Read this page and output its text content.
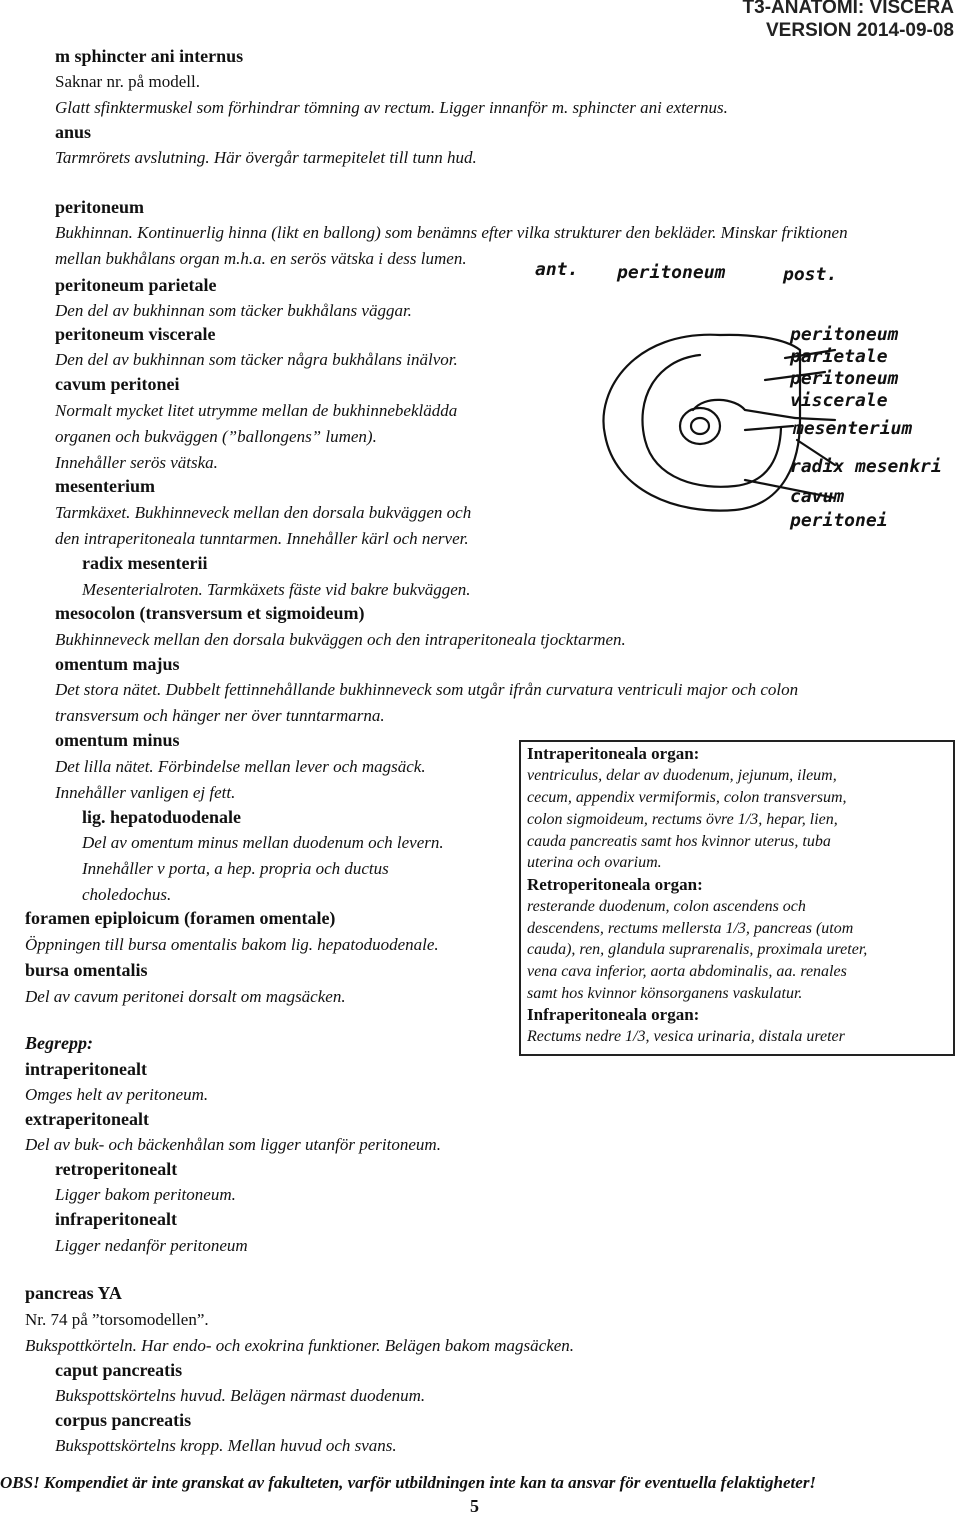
T3-ANATOMI: VISCERA
VERSION 2014-09-08
m sphincter ani internus
Saknar nr. på modell.
Glatt sfinktermuskel som förhindrar tömning av rectum. Ligger innanför m. sphincter ani externus.
anus
Tarmrörets avslutning. Här övergår tarmepitelet till tunn hud.
peritoneum
Bukhinnan. Kontinuerlig hinna (likt en ballong) som benämns efter vilka strukturer den bekläder. Minskar friktionen
mellan bukhålans organ m.h.a. en serös vätska i dess lumen.
peritoneum parietale
Den del av bukhinnan som täcker bukhålans väggar.
peritoneum viscerale
Den del av bukhinnan som täcker några bukhålans inälvor.
cavum peritonei
Normalt mycket litet utrymme mellan de bukhinnebeklädda
organen och bukväggen (”ballongens” lumen).
Innehåller serös vätska.
mesenterium
Tarmkäxet. Bukhinneveck mellan den dorsala bukväggen och
den intraperitoneala tunntarmen. Innehåller kärl och nerver.
radix mesenterii
Mesenterialroten. Tarmkäxets fäste vid bakre bukväggen.
mesocolon (transversum et sigmoideum)
Bukhinneveck mellan den dorsala bukväggen och den intraperitoneala tjocktarmen.
omentum majus
Det stora nätet. Dubbelt fettinnehållande bukhinneveck som utgår ifrån curvatura ventriculi major och colon
transversum och hänger ner över tunntarmarna.
omentum minus
Det lilla nätet. Förbindelse mellan lever och magsäck.
Innehåller vanligen ej fett.
lig. hepatoduodenale
Del av omentum minus mellan duodenum och levern.
Innehåller v porta, a hep. propria och ductus
choledochus.
foramen epiploicum (foramen omentale)
Öppningen till bursa omentalis bakom lig. hepatoduodenale.
bursa omentalis
Del av cavum peritonei dorsalt om magsäcken.
Begrepp:
intraperitonealt
Omges helt av peritoneum.
extraperitonealt
Del av buk- och bäckenhålan som ligger utanför peritoneum.
retroperitonealt
Ligger bakom peritoneum.
infraperitonealt
Ligger nedanför peritoneum
pancreas YA
Nr. 74 på ”torsomodellen”.
Bukspottkörteln. Har endo- och exokrina funktioner. Belägen bakom magsäcken.
caput pancreatis
Bukspottskörtelns huvud. Belägen närmast duodenum.
corpus pancreatis
Bukspottskörtelns kropp. Mellan huvud och svans.
Intraperitoneala organ:
ventriculus, delar av duodenum, jejunum, ileum,
cecum, appendix vermiformis, colon transversum,
colon sigmoideum, rectums övre 1/3, hepar, lien,
cauda pancreatis samt hos kvinnor uterus, tuba
uterina och ovarium.
Retroperitoneala organ:
resterande duodenum, colon ascendens och
descendens, rectums mellersta 1/3, pancreas (utom
cauda), ren, glandula suprarenalis, proximala ureter,
vena cava inferior, aorta abdominalis, aa. renales
samt hos kvinnor könsorganens vaskulatur.
Infraperitoneala organ:
Rectums nedre 1/3, vesica urinaria, distala ureter
ant. peritoneum	post.
peritoneum
parietale
peritoneum
viscerale
mesenterium
radix mesenkri
cavum
peritonei
OBS! Kompendiet är inte granskat av fakulteten, varför utbildningen inte kan ta ansvar för eventuella felaktigheter!
5
